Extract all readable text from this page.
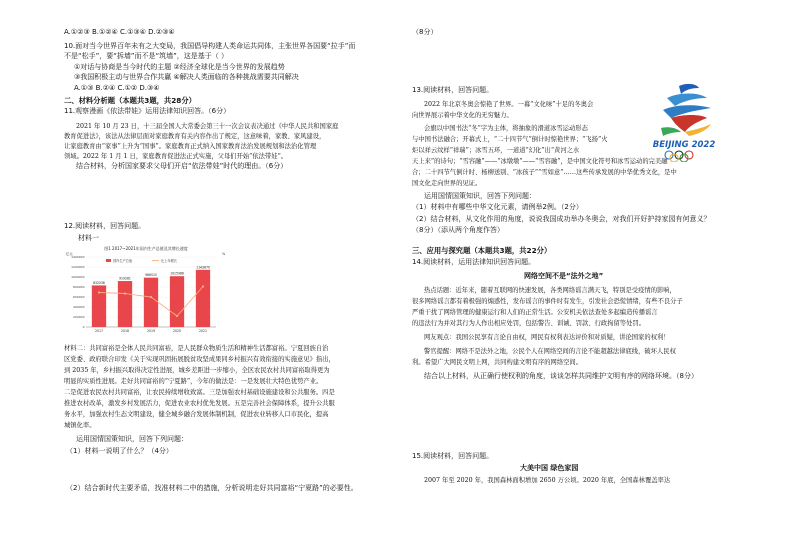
A.①②③ B.①②④ C.①③④ D.②③④
10.面对当今世界百年未有之大变局，我国倡导构建人类命运共同体，主张世界各国要“拉手”而
不是“松手”，要“拆墙”而不是“筑墙”，这是基于（ ）
①对话与协商是当今时代的主题 ②经济全球化是当今世界的发展趋势
③我国积极主动与世界合作共赢 ④解决人类面临的各种挑战需要共同解决
A.①③ B.②④ C.①② D.③④
二、材料分析题（本题共3题，共28分）
11.观察漫画《依法带娃》运用法律知识回答。（6分）
2021 年 10 月 23 日，十三届全国人大常委会第三十一次会议表决通过《中华人民共和国家庭
教育促进法》，该法从法律层面对家庭教育有关内容作出了规定，这意味着，家教、家风建设，
让家庭教育由“家事”上升为“国事”。家庭教育正式纳入国家教育法治发展规划和法治化管理
领域。2022 年 1 月 1 日，家庭教育促进法正式实施，父母们开始“依法带娃”。
结合材料，分析国家要求父母们开启“依法带娃”时代的理由。（6分）
12.阅读材料，回答问题。
材料一
图1 2017~2021年国内生产总值及其增长速度
亿元	%
0
200000
400000
600000
800000
1000000
1200000
1400000
832036
2017
919281
2018
986515
2019
1015986
2020
1143670
2021
国内生产总值	比上年增长
材料二：共同富裕是全体人民共同富裕，是人民群众物质生活和精神生活都富裕。宁夏回族自治
区党委、政府联合印发《关于实现巩固拓展脱贫攻坚成果同乡村振兴有效衔接的实施意见》指出，
到 2035 年，乡村振兴取得决定性进展，城乡差距进一步缩小，全区农民农村共同富裕取得更为
明显的实质性进展。走好共同富裕的“宁夏路”，今年的做法是：一是发展壮大特色优势产业。
二是促进农民农村共同富裕，让农民持续增收致富。三是加强农村基础设施建设和公共服务。四是
推进农村改革，激发乡村发展活力，促进农业农村优先发展。五是完善社会保障体系，提升公共服
务水平，加强农村生态文明建设，健全城乡融合发展体制机制，促进农业转移人口市民化，提高
城镇化率。
运用国情国策知识，回答下列问题：
（1）材料一说明了什么？（4分）
（2）结合新时代主要矛盾，找准材料二中的措施，分析说明走好共同富裕“宁夏路”的必要性。
（8分）
13.阅读材料，回答问题。
2022 年北京冬奥会惊艳了世界。一幕“文化味”十足的冬奥会
向世界展示着中华文化的无穷魅力。
会旗以中国书法“冬”字为主体，将抽象的滑道冰雪运动形态
与中国书法融合；开幕式上，“二十四节气”倒计时惊艳世界；“飞扬”火
炬以祥云纹样“祥瑞”；冰雪五环，一道道“幻化”出“黄河之水
天上来”的诗句；“雪容融”——“冰墩墩”——“雪容融”，是中国文化符号和冰雪运动的完美融
合；二十四节气倒计时、杨柳送别、“冰孩子”“雪如意”……这些传承发展的中华优秀文化，是中
国文化走向世界的见证。
BEIJING 2022
运用国情国策知识，回答下列问题：
（1）材料中有哪些中华文化元素，请例举2例。（2分）
（2）结合材料，从文化作用的角度，说说我国成功举办冬奥会，对我们开好护持家园有何意义？
（8分）（添从两个角度作答）
三、应用与探究题（本题共3题，共22分）
14.阅读材料，运用法律知识回答问题。
网络空间不是“法外之地”
热点话题：近年来，随着互联网的快速发展，各类网络谣言满天飞，特别是受疫情的影响，
很多网络谣言都有着极强的煽惑性，发布谣言的事件时有发生，引发社会恐慌情绪，有些不良分子
严重干扰了网络管理的健康运行和人们的正常生活。公安机关依法查处多起编造传播谣言
的违法行为并对其行为人作出相应处罚，包括警告、训诫、罚款、行政拘留等处罚。
网友观点：我国公民享有言论自由权，网民有权利表达评价和对质疑，讲论国家的权利！
警官提醒：网络不是法外之地，公民个人在网络空间的言论不能超越法律底线，破坏人民权
利。希望广大网民文明上网，共同构建文明有序的网络空间。
结合以上材料，从正确行使权利的角度，谈谈怎样共同维护文明有序的网络环境。（8分）
15.阅读材料，回答问题。
大美中国 绿色家园
2007 年至 2020 年，我国森林面积增加 2650 万公顷。2020 年底，全国森林覆盖率达
